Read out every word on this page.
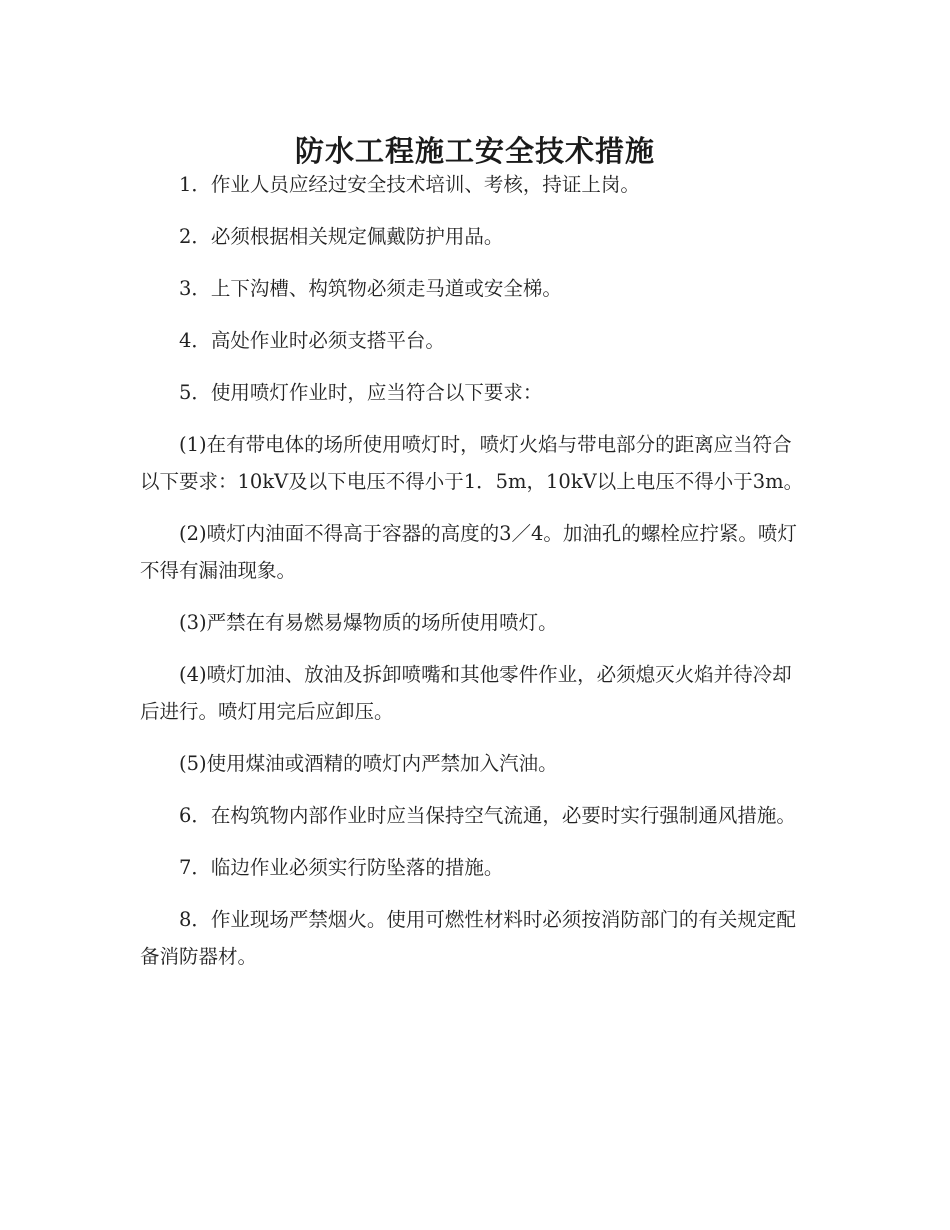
防水工程施工安全技术措施

1．作业人员应经过安全技术培训、考核，持证上岗。

2．必须根据相关规定佩戴防护用品。

3．上下沟槽、构筑物必须走马道或安全梯。

4．高处作业时必须支搭平台。

5．使用喷灯作业时，应当符合以下要求：

(1)在有带电体的场所使用喷灯时，喷灯火焰与带电部分的距离应当符合以下要求：10kV及以下电压不得小于1．5m，10kV以上电压不得小于3m。

(2)喷灯内油面不得高于容器的高度的3／4。加油孔的螺栓应拧紧。喷灯不得有漏油现象。

(3)严禁在有易燃易爆物质的场所使用喷灯。

(4)喷灯加油、放油及拆卸喷嘴和其他零件作业，必须熄灭火焰并待冷却后进行。喷灯用完后应卸压。

(5)使用煤油或酒精的喷灯内严禁加入汽油。

6．在构筑物内部作业时应当保持空气流通，必要时实行强制通风措施。

7．临边作业必须实行防坠落的措施。

8．作业现场严禁烟火。使用可燃性材料时必须按消防部门的有关规定配备消防器材。
